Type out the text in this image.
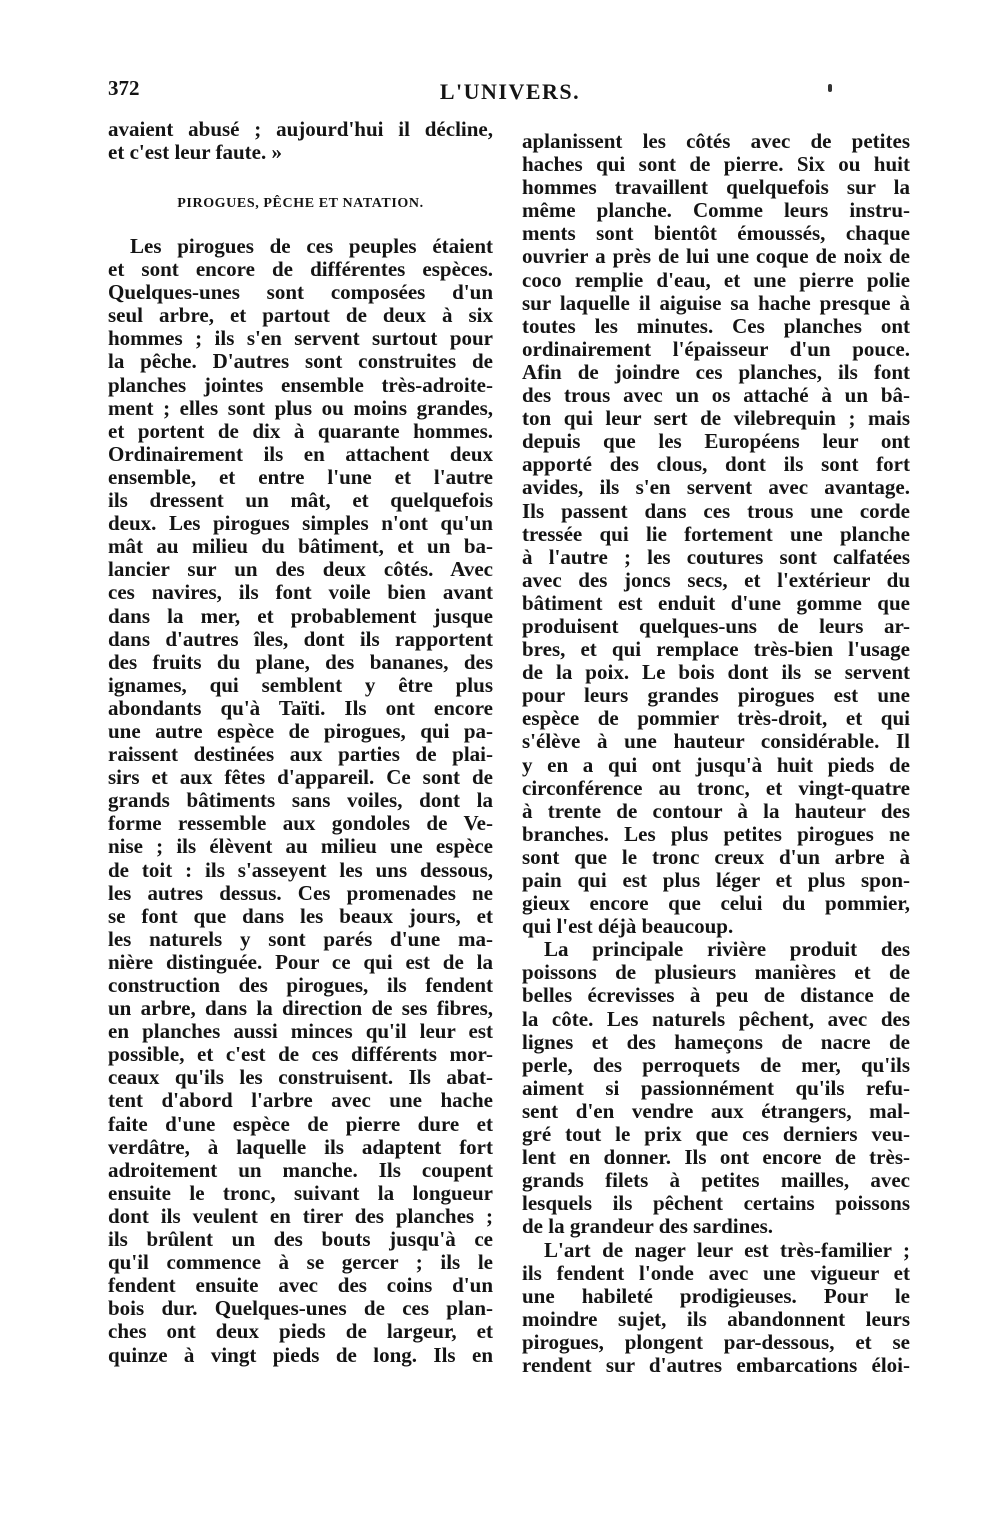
372	L'UNIVERS.
avaient abusé ; aujourd'hui il décline,
et c'est leur faute. »
PIROGUES, PÊCHE ET NATATION.
Les pirogues de ces peuples étaient
et sont encore de différentes espèces.
Quelques-unes sont composées d'un
seul arbre, et partout de deux à six
hommes ; ils s'en servent surtout pour
la pêche. D'autres sont construites de
planches jointes ensemble très-adroite-
ment ; elles sont plus ou moins grandes,
et portent de dix à quarante hommes.
Ordinairement ils en attachent deux
ensemble, et entre l'une et l'autre
ils dressent un mât, et quelquefois
deux. Les pirogues simples n'ont qu'un
mât au milieu du bâtiment, et un ba-
lancier sur un des deux côtés. Avec
ces navires, ils font voile bien avant
dans la mer, et probablement jusque
dans d'autres îles, dont ils rapportent
des fruits du plane, des bananes, des
ignames, qui semblent y être plus
abondants qu'à Taïti. Ils ont encore
une autre espèce de pirogues, qui pa-
raissent destinées aux parties de plai-
sirs et aux fêtes d'appareil. Ce sont de
grands bâtiments sans voiles, dont la
forme ressemble aux gondoles de Ve-
nise ; ils élèvent au milieu une espèce
de toit : ils s'asseyent les uns dessous,
les autres dessus. Ces promenades ne
se font que dans les beaux jours, et
les naturels y sont parés d'une ma-
nière distinguée. Pour ce qui est de la
construction des pirogues, ils fendent
un arbre, dans la direction de ses fibres,
en planches aussi minces qu'il leur est
possible, et c'est de ces différents mor-
ceaux qu'ils les construisent. Ils abat-
tent d'abord l'arbre avec une hache
faite d'une espèce de pierre dure et
verdâtre, à laquelle ils adaptent fort
adroitement un manche. Ils coupent
ensuite le tronc, suivant la longueur
dont ils veulent en tirer des planches ;
ils brûlent un des bouts jusqu'à ce
qu'il commence à se gercer ; ils le
fendent ensuite avec des coins d'un
bois dur. Quelques-unes de ces plan-
ches ont deux pieds de largeur, et
quinze à vingt pieds de long. Ils en
aplanissent les côtés avec de petites
haches qui sont de pierre. Six ou huit
hommes travaillent quelquefois sur la
même planche. Comme leurs instru-
ments sont bientôt émoussés, chaque
ouvrier a près de lui une coque de noix de
coco remplie d'eau, et une pierre polie
sur laquelle il aiguise sa hache presque à
toutes les minutes. Ces planches ont
ordinairement l'épaisseur d'un pouce.
Afin de joindre ces planches, ils font
des trous avec un os attaché à un bâ-
ton qui leur sert de vilebrequin ; mais
depuis que les Européens leur ont
apporté des clous, dont ils sont fort
avides, ils s'en servent avec avantage.
Ils passent dans ces trous une corde
tressée qui lie fortement une planche
à l'autre ; les coutures sont calfatées
avec des joncs secs, et l'extérieur du
bâtiment est enduit d'une gomme que
produisent quelques-uns de leurs ar-
bres, et qui remplace très-bien l'usage
de la poix. Le bois dont ils se servent
pour leurs grandes pirogues est une
espèce de pommier très-droit, et qui
s'élève à une hauteur considérable. Il
y en a qui ont jusqu'à huit pieds de
circonférence au tronc, et vingt-quatre
à trente de contour à la hauteur des
branches. Les plus petites pirogues ne
sont que le tronc creux d'un arbre à
pain qui est plus léger et plus spon-
gieux encore que celui du pommier,
qui l'est déjà beaucoup.
La principale rivière produit des
poissons de plusieurs manières et de
belles écrevisses à peu de distance de
la côte. Les naturels pêchent, avec des
lignes et des hameçons de nacre de
perle, des perroquets de mer, qu'ils
aiment si passionnément qu'ils refu-
sent d'en vendre aux étrangers, mal-
gré tout le prix que ces derniers veu-
lent en donner. Ils ont encore de très-
grands filets à petites mailles, avec
lesquels ils pêchent certains poissons
de la grandeur des sardines.
L'art de nager leur est très-familier ;
ils fendent l'onde avec une vigueur et
une habileté prodigieuses. Pour le
moindre sujet, ils abandonnent leurs
pirogues, plongent par-dessous, et se
rendent sur d'autres embarcations éloi-
